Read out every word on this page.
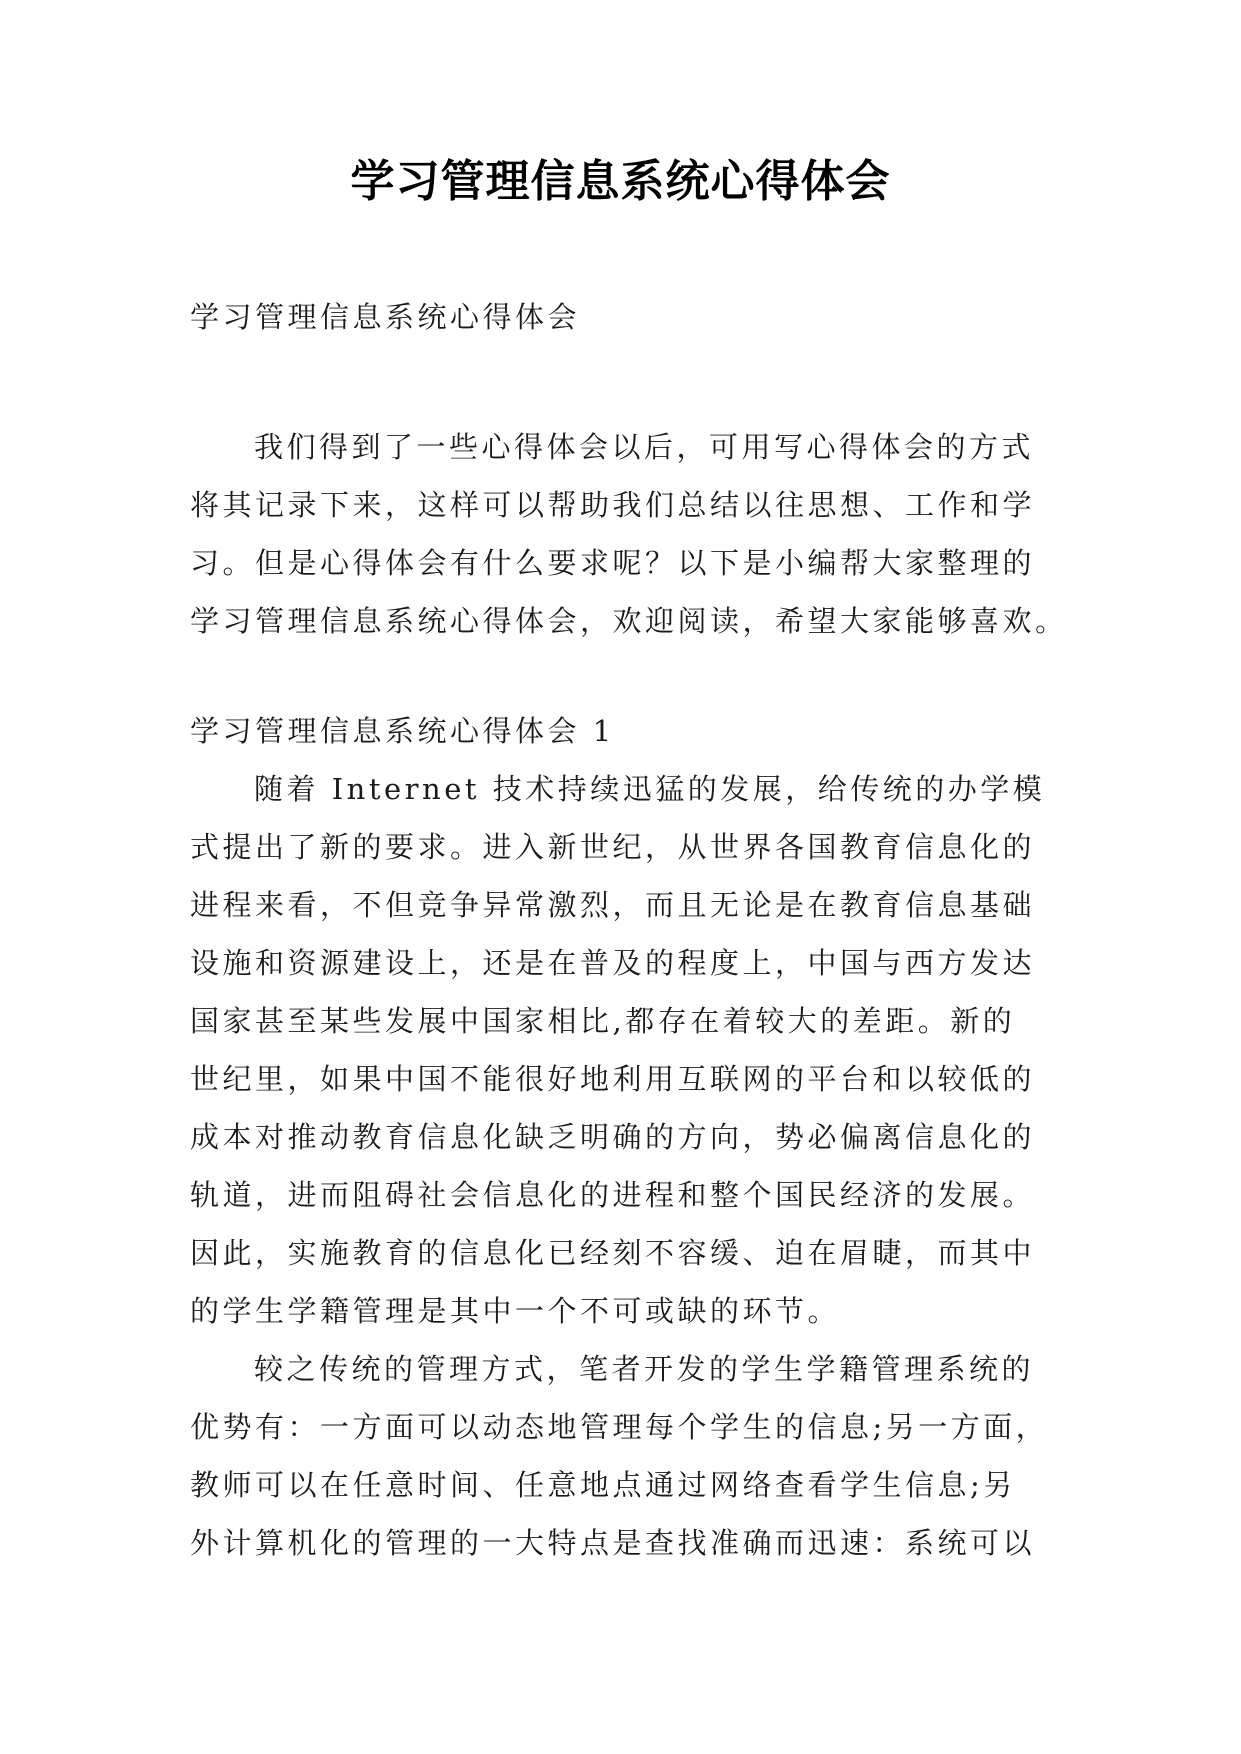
学习管理信息系统心得体会
学习管理信息系统心得体会
我们得到了一些心得体会以后，可用写心得体会的方式
将其记录下来，这样可以帮助我们总结以往思想、工作和学
习。但是心得体会有什么要求呢？以下是小编帮大家整理的
学习管理信息系统心得体会，欢迎阅读，希望大家能够喜欢。
学习管理信息系统心得体会 1
随着 Internet 技术持续迅猛的发展，给传统的办学模
式提出了新的要求。进入新世纪，从世界各国教育信息化的
进程来看，不但竞争异常激烈，而且无论是在教育信息基础
设施和资源建设上，还是在普及的程度上，中国与西方发达
国家甚至某些发展中国家相比,都存在着较大的差距。新的
世纪里，如果中国不能很好地利用互联网的平台和以较低的
成本对推动教育信息化缺乏明确的方向，势必偏离信息化的
轨道，进而阻碍社会信息化的进程和整个国民经济的发展。
因此，实施教育的信息化已经刻不容缓、迫在眉睫，而其中
的学生学籍管理是其中一个不可或缺的环节。
较之传统的管理方式，笔者开发的学生学籍管理系统的
优势有：一方面可以动态地管理每个学生的信息;另一方面，
教师可以在任意时间、任意地点通过网络查看学生信息;另
外计算机化的管理的一大特点是查找准确而迅速：系统可以
